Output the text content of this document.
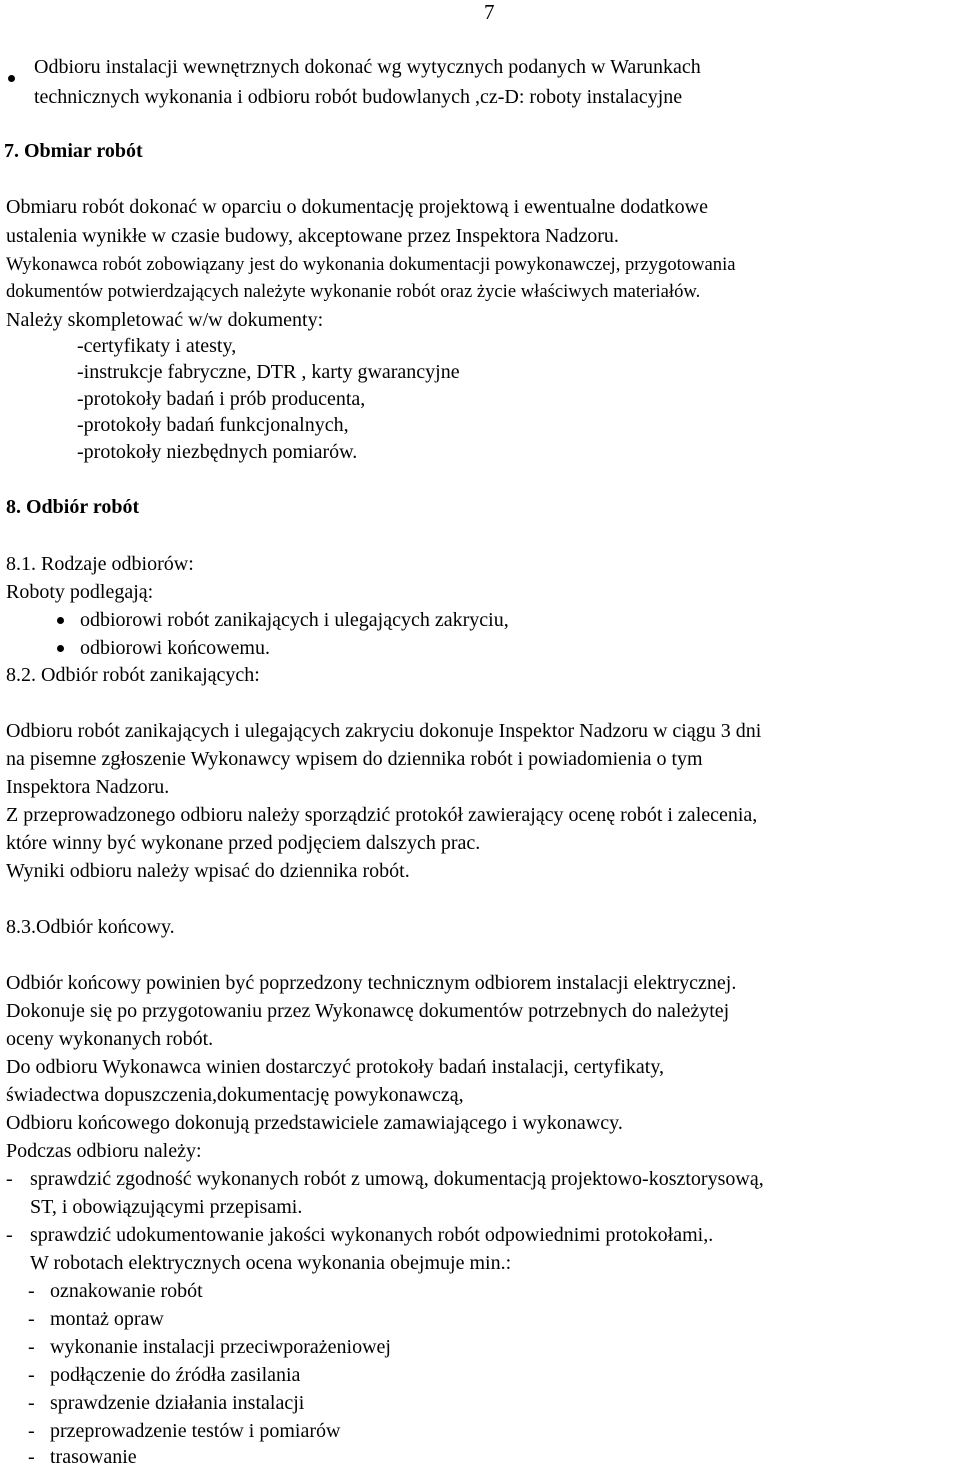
7
Odbioru instalacji wewnętrznych dokonać wg wytycznych podanych w Warunkach
technicznych wykonania i odbioru robót budowlanych ,cz-D: roboty instalacyjne
7. Obmiar robót
Obmiaru robót dokonać w oparciu o dokumentację projektową i ewentualne dodatkowe
ustalenia wynikłe w czasie budowy, akceptowane przez Inspektora Nadzoru.
Wykonawca robót zobowiązany jest do wykonania dokumentacji powykonawczej, przygotowania
dokumentów potwierdzających należyte wykonanie robót oraz życie właściwych materiałów.
Należy skompletować w/w dokumenty:
-certyfikaty i atesty,
-instrukcje fabryczne, DTR , karty gwarancyjne
-protokoły badań i prób producenta,
-protokoły badań funkcjonalnych,
-protokoły niezbędnych pomiarów.
8. Odbiór robót
8.1. Rodzaje odbiorów:
Roboty podlegają:
odbiorowi robót zanikających i ulegających zakryciu,
odbiorowi końcowemu.
8.2. Odbiór robót zanikających:
Odbioru robót zanikających i ulegających zakryciu dokonuje Inspektor Nadzoru w ciągu 3 dni
na pisemne zgłoszenie Wykonawcy wpisem do dziennika robót i powiadomienia o tym
Inspektora Nadzoru.
Z przeprowadzonego odbioru należy sporządzić protokół zawierający ocenę robót i zalecenia,
które winny być wykonane przed podjęciem dalszych prac.
Wyniki odbioru należy wpisać do dziennika robót.
8.3.Odbiór końcowy.
Odbiór końcowy powinien być poprzedzony technicznym odbiorem instalacji elektrycznej.
Dokonuje się po przygotowaniu przez Wykonawcę dokumentów potrzebnych do należytej
oceny wykonanych robót.
Do odbioru Wykonawca winien dostarczyć protokoły badań instalacji, certyfikaty,
świadectwa dopuszczenia,dokumentację powykonawczą,
Odbioru końcowego dokonują przedstawiciele zamawiającego i wykonawcy.
Podczas odbioru należy:
- sprawdzić zgodność wykonanych robót z umową, dokumentacją projektowo-kosztorysową,
ST, i obowiązującymi przepisami.
- sprawdzić udokumentowanie jakości wykonanych robót odpowiednimi protokołami,.
W robotach elektrycznych ocena wykonania obejmuje min.:
- oznakowanie robót
- montaż opraw
- wykonanie instalacji przeciwporażeniowej
- podłączenie do źródła zasilania
- sprawdzenie działania instalacji
- przeprowadzenie testów i pomiarów
- trasowanie
